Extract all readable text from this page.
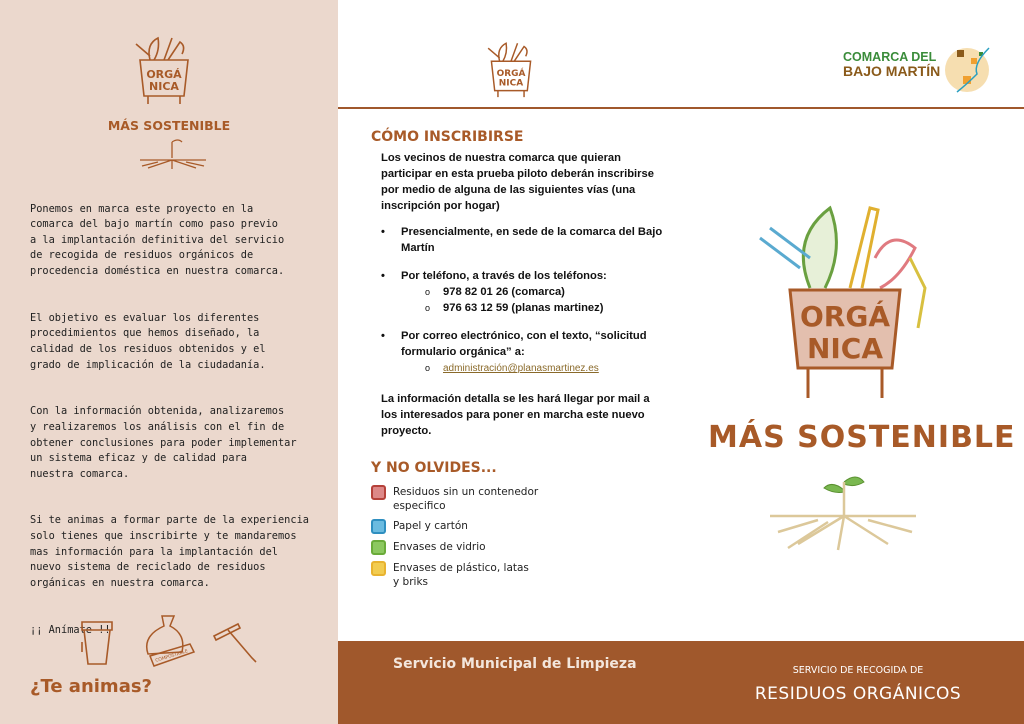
ORGÁ
NICA
MÁS SOSTENIBLE

Ponemos en marca este proyecto en la
comarca del bajo martín como paso previo
a la implantación definitiva del servicio
de recogida de residuos orgánicos de
procedencia doméstica en nuestra comarca.

El objetivo es evaluar los diferentes
procedimientos que hemos diseñado, la
calidad de los residuos obtenidos y el
grado de implicación de la ciudadanía.

Con la información obtenida, analizaremos
y realizaremos los análisis con el fin de
obtener conclusiones para poder implementar
un sistema eficaz y de calidad para
nuestra comarca.

Si te animas a formar parte de la experiencia
solo tienes que inscribirte y te mandaremos
mas información para la implantación del
nuevo sistema de reciclado de residuos
orgánicas en nuestra comarca.

¡¡ Anímate !!

COMPOSTABLE
¿Te animas?
ORGÁ
NICA
COMARCA DEL
BAJO MARTÍN
CÓMO INSCRIBIRSE
Los vecinos de nuestra comarca que quieran participar en esta prueba piloto deberán inscribirse por medio de alguna de las siguientes vías (una inscripción por hogar)
• Presencialmente, en sede de la comarca del Bajo Martín
• Por teléfono, a través de los teléfonos:
o 978 82 01 26 (comarca)
o 976 63 12 59 (planas martinez)
• Por correo electrónico, con el texto, “solicitud formulario orgánica” a:
o administración@planasmartinez.es
La información detalla se les hará llegar por mail a los interesados para poner en marcha este nuevo proyecto.
Y NO OLVIDES...
Residuos sin un contenedor especifico
Papel y cartón
Envases de vidrio
Envases de plástico, latas y briks
ORGÁ
NICA
MÁS SOSTENIBLE
Servicio Municipal de Limpieza	SERVICIO DE RECOGIDA DE
RESIDUOS ORGÁNICOS
